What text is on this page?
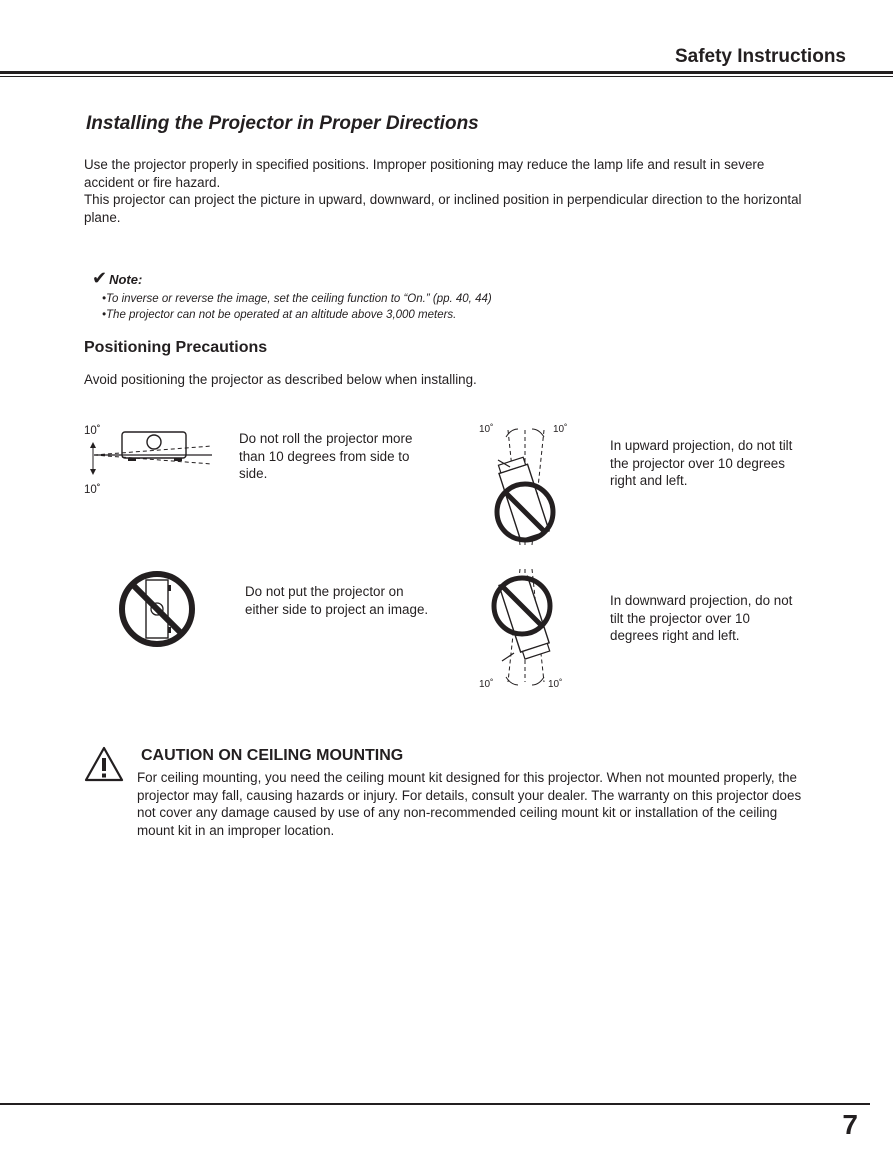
Safety Instructions
Installing the Projector in Proper Directions

Use the projector properly in specified positions. Improper positioning may reduce the lamp life and result in severe accident or fire hazard.

This projector can project the picture in upward, downward, or inclined position in perpendicular direction to the horizontal plane.

✔ Note:
•To inverse or reverse the image, set the ceiling function to “On.” (pp. 40, 44)
•The projector can not be operated at an altitude above 3,000 meters.
Positioning Precautions
Avoid positioning the projector as described below when installing.
10˚
10˚
Do not roll the projector more than 10 degrees from side to side.
10˚	10˚
In upward projection, do not tilt the projector over 10 degrees right and left.
Do not put the projector on either side to project an image.
10˚	10˚
In downward projection, do not tilt the projector over 10 degrees right and left.
CAUTION ON CEILING MOUNTING
For ceiling mounting, you need the ceiling mount kit designed for this projector. When not mounted properly, the projector may fall, causing hazards or injury. For details, consult your dealer. The warranty on this projector does not cover any damage caused by use of any non-recommended ceiling mount kit or installation of the ceiling mount kit in an improper location.
7
